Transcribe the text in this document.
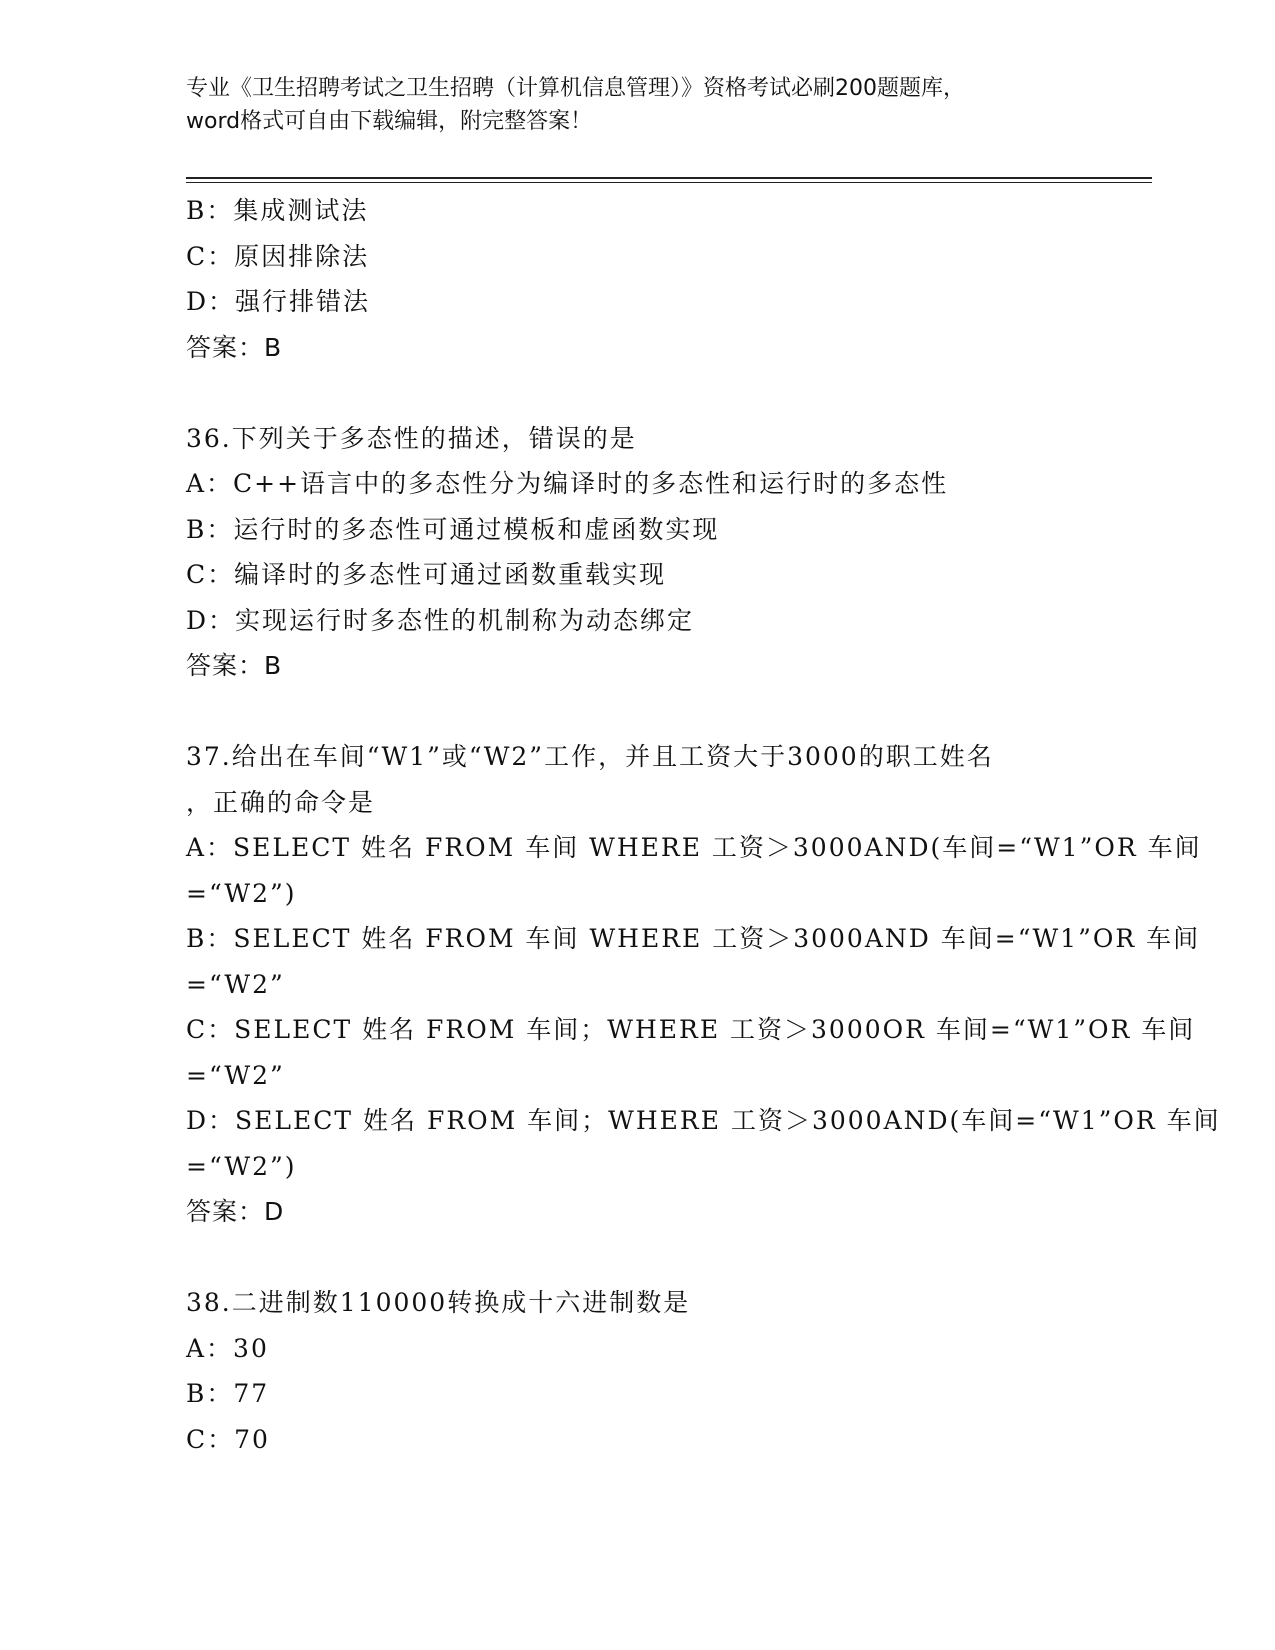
专业《卫生招聘考试之卫生招聘（计算机信息管理）》资格考试必刷200题题库，
word格式可自由下载编辑，附完整答案！
B：集成测试法
C：原因排除法
D：强行排错法
答案：B
36.下列关于多态性的描述，错误的是
A：C++语言中的多态性分为编译时的多态性和运行时的多态性
B：运行时的多态性可通过模板和虚函数实现
C：编译时的多态性可通过函数重载实现
D：实现运行时多态性的机制称为动态绑定
答案：B
37.给出在车间“W1”或“W2”工作，并且工资大于3000的职工姓名
，正确的命令是
A：SELECT 姓名 FROM 车间 WHERE 工资＞3000AND(车间=“W1”OR 车间
=“W2”)
B：SELECT 姓名 FROM 车间 WHERE 工资＞3000AND 车间=“W1”OR 车间
=“W2”
C：SELECT 姓名 FROM 车间；WHERE 工资＞3000OR 车间=“W1”OR 车间
=“W2”
D：SELECT 姓名 FROM 车间；WHERE 工资＞3000AND(车间=“W1”OR 车间
=“W2”)
答案：D
38.二进制数110000转换成十六进制数是
A：30
B：77
C：70
